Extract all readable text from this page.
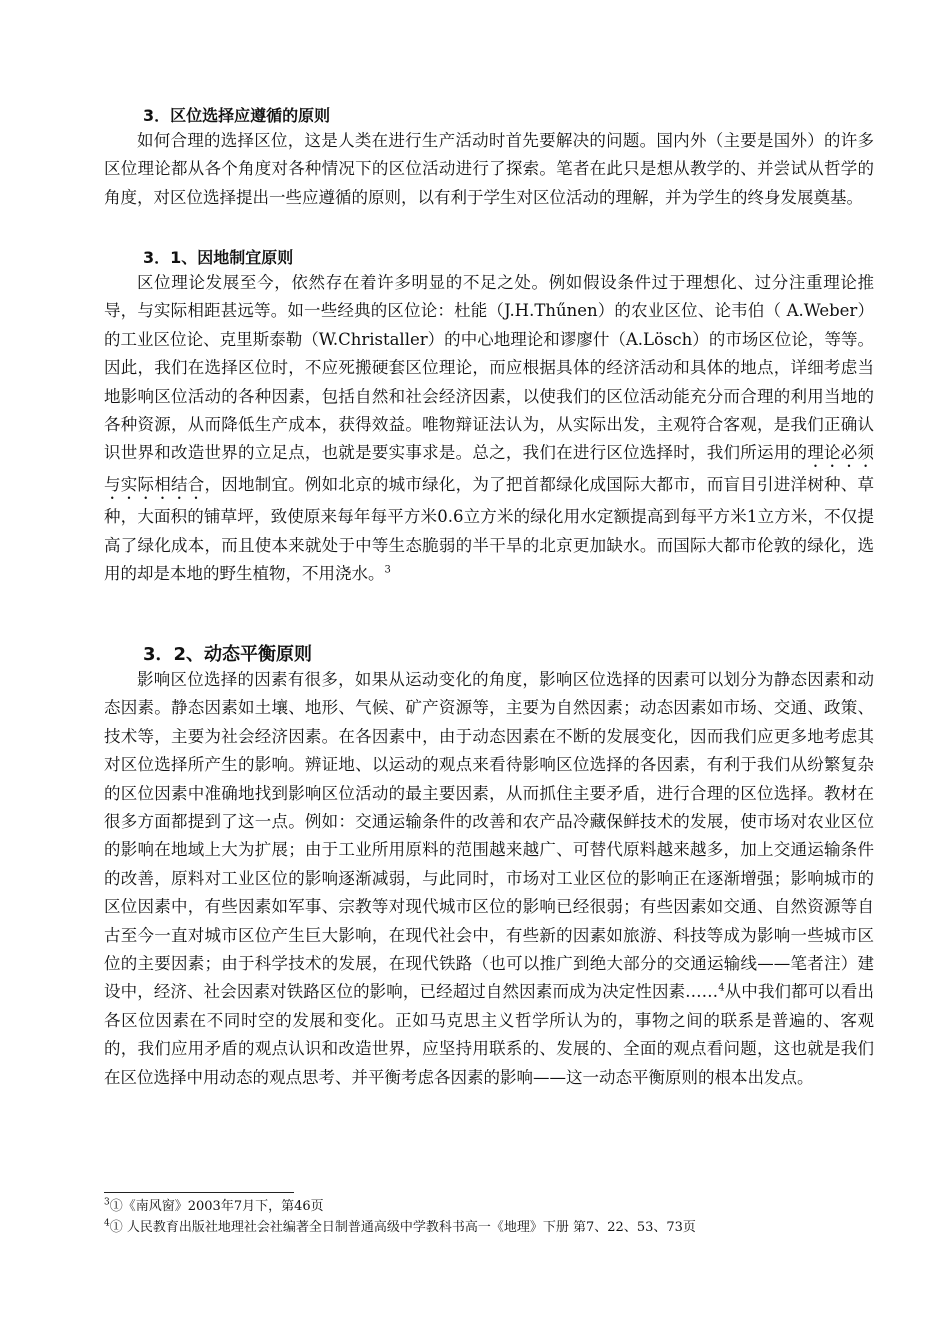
3．区位选择应遵循的原则
如何合理的选择区位，这是人类在进行生产活动时首先要解决的问题。国内外（主要是国外）的许多区位理论都从各个角度对各种情况下的区位活动进行了探索。笔者在此只是想从教学的、并尝试从哲学的角度，对区位选择提出一些应遵循的原则，以有利于学生对区位活动的理解，并为学生的终身发展奠基。
3．1、因地制宜原则
区位理论发展至今，依然存在着许多明显的不足之处。例如假设条件过于理想化、过分注重理论推导，与实际相距甚远等。如一些经典的区位论：杜能（J.H.Thűnen）的农业区位、论韦伯（ A.Weber）的工业区位论、克里斯泰勒（W.Christaller）的中心地理论和谬廖什（A.Lösch）的市场区位论，等等。因此，我们在选择区位时，不应死搬硬套区位理论，而应根据具体的经济活动和具体的地点，详细考虑当地影响区位活动的各种因素，包括自然和社会经济因素，以使我们的区位活动能充分而合理的利用当地的各种资源，从而降低生产成本，获得效益。唯物辩证法认为，从实际出发，主观符合客观，是我们正确认识世界和改造世界的立足点，也就是要实事求是。总之，我们在进行区位选择时，我们所运用的理论必须与实际相结合，因地制宜。例如北京的城市绿化，为了把首都绿化成国际大都市，而盲目引进洋树种、草种，大面积的铺草坪，致使原来每年每平方米0.6立方米的绿化用水定额提高到每平方米1立方米，不仅提高了绿化成本，而且使本来就处于中等生态脆弱的半干旱的北京更加缺水。而国际大都市伦敦的绿化，选用的却是本地的野生植物，不用浇水。$^3$
3．2、动态平衡原则
影响区位选择的因素有很多，如果从运动变化的角度，影响区位选择的因素可以划分为静态因素和动态因素。静态因素如土壤、地形、气候、矿产资源等，主要为自然因素；动态因素如市场、交通、政策、技术等，主要为社会经济因素。在各因素中，由于动态因素在不断的发展变化，因而我们应更多地考虑其对区位选择所产生的影响。辨证地、以运动的观点来看待影响区位选择的各因素，有利于我们从纷繁复杂的区位因素中准确地找到影响区位活动的最主要因素，从而抓住主要矛盾，进行合理的区位选择。教材在很多方面都提到了这一点。例如：交通运输条件的改善和农产品冷藏保鲜技术的发展，使市场对农业区位的影响在地域上大为扩展；由于工业所用原料的范围越来越广、可替代原料越来越多，加上交通运输条件的改善，原料对工业区位的影响逐渐减弱，与此同时，市场对工业区位的影响正在逐渐增强；影响城市的区位因素中，有些因素如军事、宗教等对现代城市区位的影响已经很弱；有些因素如交通、自然资源等自古至今一直对城市区位产生巨大影响，在现代社会中，有些新的因素如旅游、科技等成为影响一些城市区位的主要因素；由于科学技术的发展，在现代铁路（也可以推广到绝大部分的交通运输线——笔者注）建设中，经济、社会因素对铁路区位的影响，已经超过自然因素而成为决定性因素……$^4$从中我们都可以看出各区位因素在不同时空的发展和变化。正如马克思主义哲学所认为的，事物之间的联系是普遍的、客观的，我们应用矛盾的观点认识和改造世界，应坚持用联系的、发展的、全面的观点看问题，这也就是我们在区位选择中用动态的观点思考、并平衡考虑各因素的影响——这一动态平衡原则的根本出发点。
$^3$①《南风窗》2003年7月下，第46页
$^4$① 人民教育出版社地理社会社编著全日制普通高级中学教科书高一《地理》下册 第7、22、53、73页
